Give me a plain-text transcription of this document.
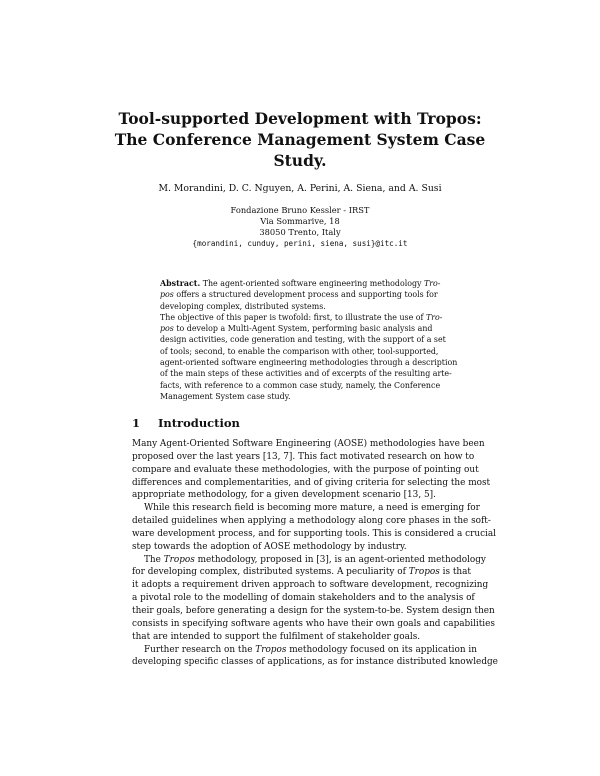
Tool-supported Development with Tropos:
The Conference Management System Case
Study.
M. Morandini, D. C. Nguyen, A. Perini, A. Siena, and A. Susi
Fondazione Bruno Kessler - IRST
Via Sommarive, 18
38050 Trento, Italy
{morandini, cunduy, perini, siena, susi}@itc.it
Abstract. The agent-oriented software engineering methodology Tro-
pos offers a structured development process and supporting tools for
developing complex, distributed systems.
The objective of this paper is twofold: first, to illustrate the use of Tro-
pos to develop a Multi-Agent System, performing basic analysis and
design activities, code generation and testing, with the support of a set
of tools; second, to enable the comparison with other, tool-supported,
agent-oriented software engineering methodologies through a description
of the main steps of these activities and of excerpts of the resulting arte-
facts, with reference to a common case study, namely, the Conference
Management System case study.
1 Introduction
Many Agent-Oriented Software Engineering (AOSE) methodologies have been
proposed over the last years [13, 7]. This fact motivated research on how to
compare and evaluate these methodologies, with the purpose of pointing out
differences and complementarities, and of giving criteria for selecting the most
appropriate methodology, for a given development scenario [13, 5].
While this research field is becoming more mature, a need is emerging for
detailed guidelines when applying a methodology along core phases in the soft-
ware development process, and for supporting tools. This is considered a crucial
step towards the adoption of AOSE methodology by industry.
The Tropos methodology, proposed in [3], is an agent-oriented methodology
for developing complex, distributed systems. A peculiarity of Tropos is that
it adopts a requirement driven approach to software development, recognizing
a pivotal role to the modelling of domain stakeholders and to the analysis of
their goals, before generating a design for the system-to-be. System design then
consists in specifying software agents who have their own goals and capabilities
that are intended to support the fulfilment of stakeholder goals.
Further research on the Tropos methodology focused on its application in
developing specific classes of applications, as for instance distributed knowledge
